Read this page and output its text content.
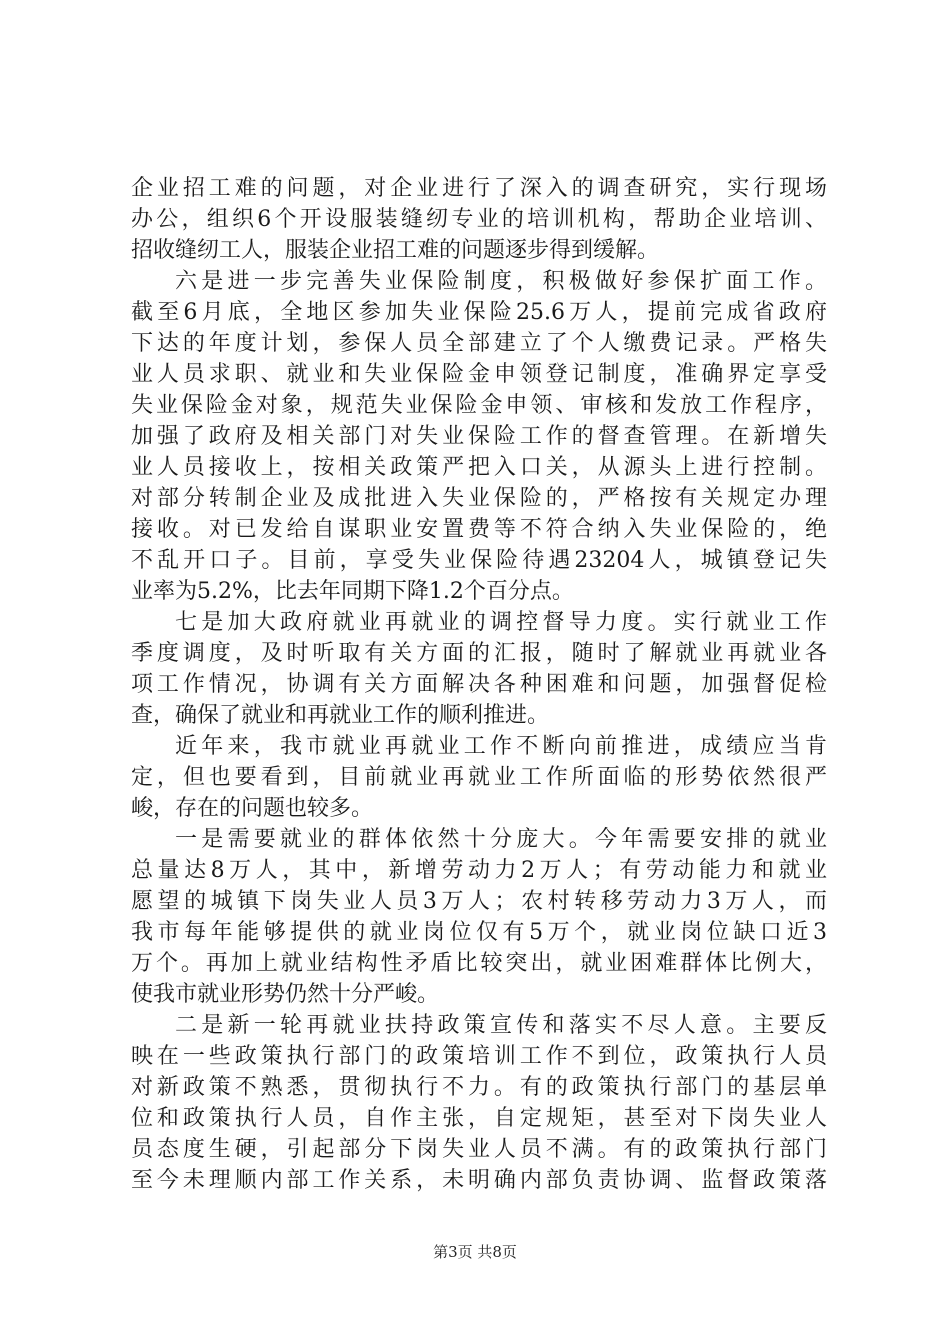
企业招工难的问题，对企业进行了深入的调查研究，实行现场
办公，组织6个开设服装缝纫专业的培训机构，帮助企业培训、
招收缝纫工人，服装企业招工难的问题逐步得到缓解。
六是进一步完善失业保险制度，积极做好参保扩面工作。
截至6月底，全地区参加失业保险25.6万人，提前完成省政府
下达的年度计划，参保人员全部建立了个人缴费记录。严格失
业人员求职、就业和失业保险金申领登记制度，准确界定享受
失业保险金对象，规范失业保险金申领、审核和发放工作程序，
加强了政府及相关部门对失业保险工作的督查管理。在新增失
业人员接收上，按相关政策严把入口关，从源头上进行控制。
对部分转制企业及成批进入失业保险的，严格按有关规定办理
接收。对已发给自谋职业安置费等不符合纳入失业保险的，绝
不乱开口子。目前，享受失业保险待遇23204人，城镇登记失
业率为5.2%，比去年同期下降1.2个百分点。
七是加大政府就业再就业的调控督导力度。实行就业工作
季度调度，及时听取有关方面的汇报，随时了解就业再就业各
项工作情况，协调有关方面解决各种困难和问题，加强督促检
查，确保了就业和再就业工作的顺利推进。
近年来，我市就业再就业工作不断向前推进，成绩应当肯
定，但也要看到，目前就业再就业工作所面临的形势依然很严
峻，存在的问题也较多。
一是需要就业的群体依然十分庞大。今年需要安排的就业
总量达8万人，其中，新增劳动力2万人；有劳动能力和就业
愿望的城镇下岗失业人员3万人；农村转移劳动力3万人，而
我市每年能够提供的就业岗位仅有5万个，就业岗位缺口近3
万个。再加上就业结构性矛盾比较突出，就业困难群体比例大，
使我市就业形势仍然十分严峻。
二是新一轮再就业扶持政策宣传和落实不尽人意。主要反
映在一些政策执行部门的政策培训工作不到位，政策执行人员
对新政策不熟悉，贯彻执行不力。有的政策执行部门的基层单
位和政策执行人员，自作主张，自定规矩，甚至对下岗失业人
员态度生硬，引起部分下岗失业人员不满。有的政策执行部门
至今未理顺内部工作关系，未明确内部负责协调、监督政策落
第3页 共8页
